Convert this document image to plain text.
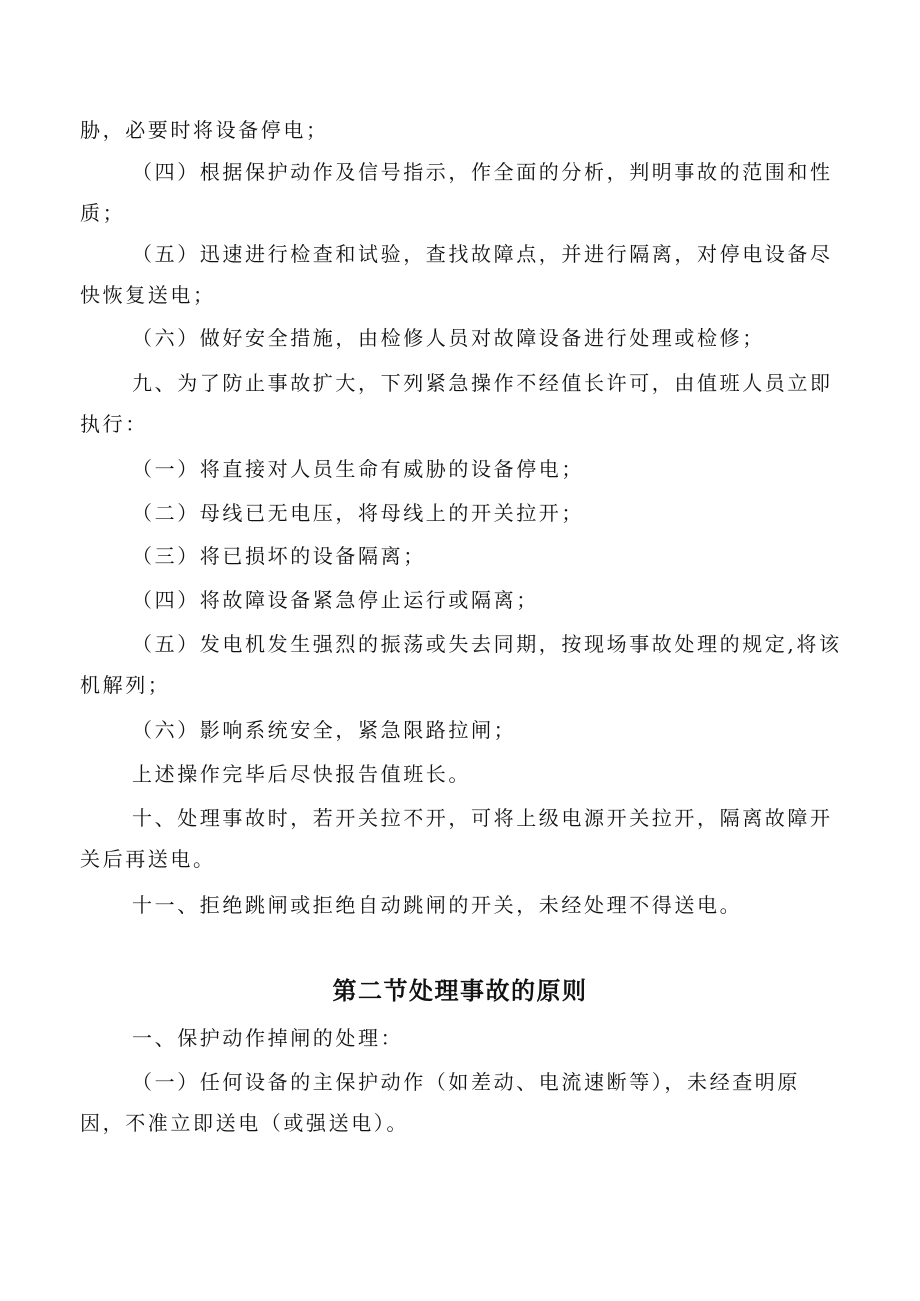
胁，必要时将设备停电；

（四）根据保护动作及信号指示，作全面的分析，判明事故的范围和性质；

（五）迅速进行检查和试验，查找故障点，并进行隔离，对停电设备尽快恢复送电；

（六）做好安全措施，由检修人员对故障设备进行处理或检修；

九、为了防止事故扩大，下列紧急操作不经值长许可，由值班人员立即执行：

（一）将直接对人员生命有威胁的设备停电；

（二）母线已无电压，将母线上的开关拉开；

（三）将已损坏的设备隔离；

（四）将故障设备紧急停止运行或隔离；

（五）发电机发生强烈的振荡或失去同期，按现场事故处理的规定,将该机解列；

（六）影响系统安全，紧急限路拉闸；

上述操作完毕后尽快报告值班长。

十、处理事故时，若开关拉不开，可将上级电源开关拉开，隔离故障开关后再送电。

十一、拒绝跳闸或拒绝自动跳闸的开关，未经处理不得送电。

第二节处理事故的原则

一、保护动作掉闸的处理：

（一）任何设备的主保护动作（如差动、电流速断等），未经查明原因，不准立即送电（或强送电）。
